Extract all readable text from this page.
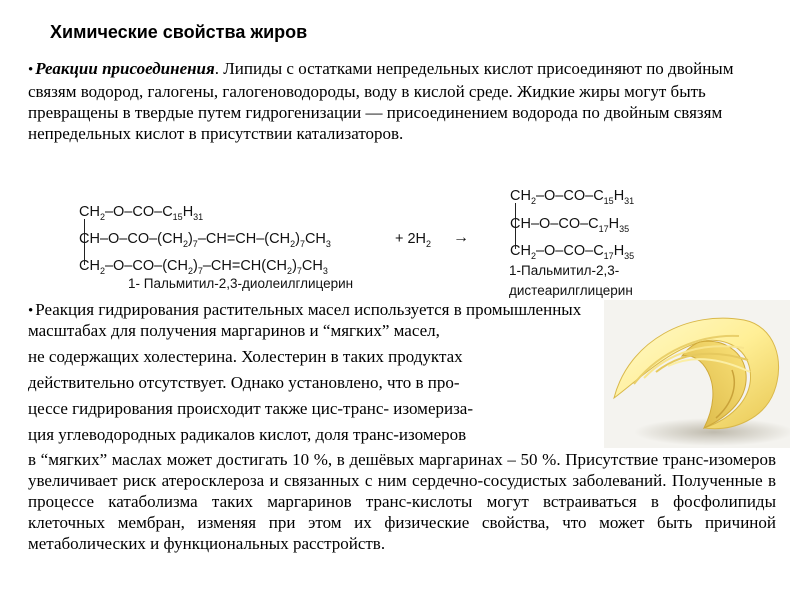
Химические свойства жиров
• Реакции присоединения. Липиды с остатками непредельных кислот присоединяют по двойным связям водород, галогены, галогеноводороды, воду в кислой среде. Жидкие жиры могут быть превращены в твердые путем гидрогенизации — присоединением водорода по двойным связям непредельных кислот в присутствии катализаторов.
$CH_2-O-CO-C_{15}H_{31}$
$CH-O-CO-(CH_2)_7-CH=CH-(CH_2)_7CH_3$
$CH_2-O-CO-(CH_2)_7-CH=CH(CH_2)_7CH_3$
+ $2H_2$ →
1- Пальмитил-2,3-диолеилглицерин
$CH_2-O-CO-C_{15}H_{31}$
$CH-O-CO-C_{17}H_{35}$
$CH_2-O-CO-C_{17}H_{35}$
1-Пальмитил-2,3-
дистеарилглицерин
• Реакция гидрирования растительных масел используется в промышленных
масштабах для получения маргаринов и “мягких” масел,
не содержащих холестерина. Холестерин в таких продуктах
действительно отсутствует. Однако установлено, что в про-
цессе гидрирования происходит также цис-транс- изомериза-
ция углеводородных радикалов кислот, доля транс-изомеров
в “мягких” маслах может достигать 10 %, в дешёвых маргаринах – 50 %. Присутствие транс-изомеров увеличивает риск атеросклероза и связанных с ним сердечно-сосудистых заболеваний. Полученные в процессе катаболизма таких маргаринов транс-кислоты могут встраиваться в фосфолипиды клеточных мембран, изменяя при этом их физические свойства, что может быть причиной метаболических и функциональных расстройств.
